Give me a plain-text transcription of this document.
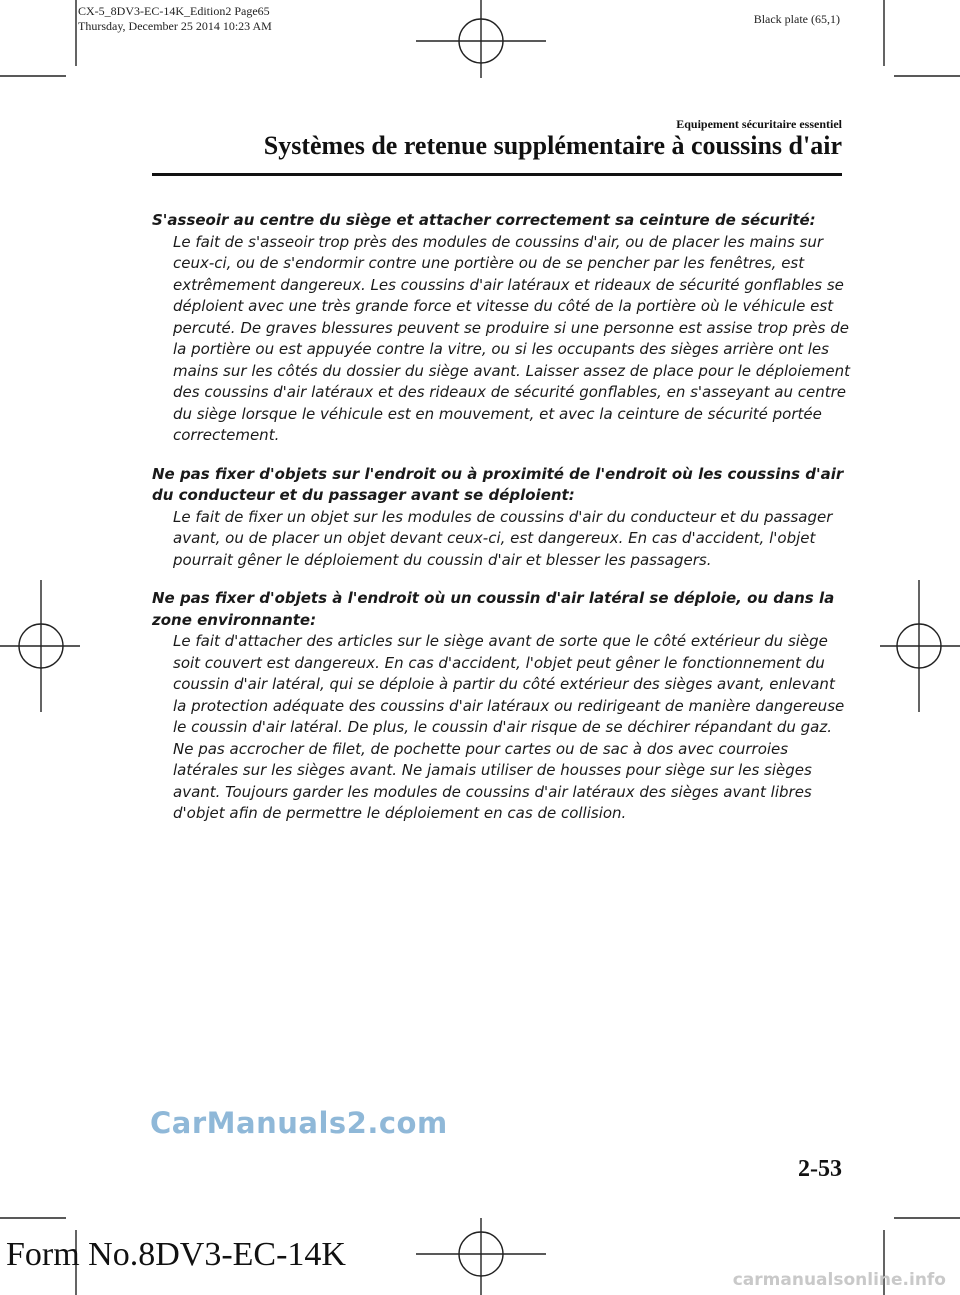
CX-5_8DV3-EC-14K_Edition2 Page65
Thursday, December 25 2014 10:23 AM	Black plate (65,1)
Equipement sécuritaire essentiel
Systèmes de retenue supplémentaire à coussins d'air

S'asseoir au centre du siège et attacher correctement sa ceinture de sécurité:

Le fait de s'asseoir trop près des modules de coussins d'air, ou de placer les mains sur ceux-ci, ou de s'endormir contre une portière ou de se pencher par les fenêtres, est extrêmement dangereux. Les coussins d'air latéraux et rideaux de sécurité gonflables se déploient avec une très grande force et vitesse du côté de la portière où le véhicule est percuté. De graves blessures peuvent se produire si une personne est assise trop près de la portière ou est appuyée contre la vitre, ou si les occupants des sièges arrière ont les mains sur les côtés du dossier du siège avant. Laisser assez de place pour le déploiement des coussins d'air latéraux et des rideaux de sécurité gonflables, en s'asseyant au centre du siège lorsque le véhicule est en mouvement, et avec la ceinture de sécurité portée correctement.

Ne pas fixer d'objets sur l'endroit ou à proximité de l'endroit où les coussins d'air du conducteur et du passager avant se déploient:

Le fait de fixer un objet sur les modules de coussins d'air du conducteur et du passager avant, ou de placer un objet devant ceux-ci, est dangereux. En cas d'accident, l'objet pourrait gêner le déploiement du coussin d'air et blesser les passagers.

Ne pas fixer d'objets à l'endroit où un coussin d'air latéral se déploie, ou dans la zone environnante:

Le fait d'attacher des articles sur le siège avant de sorte que le côté extérieur du siège soit couvert est dangereux. En cas d'accident, l'objet peut gêner le fonctionnement du coussin d'air latéral, qui se déploie à partir du côté extérieur des sièges avant, enlevant la protection adéquate des coussins d'air latéraux ou redirigeant de manière dangereuse le coussin d'air latéral. De plus, le coussin d'air risque de se déchirer répandant du gaz.

Ne pas accrocher de filet, de pochette pour cartes ou de sac à dos avec courroies latérales sur les sièges avant. Ne jamais utiliser de housses pour siège sur les sièges avant. Toujours garder les modules de coussins d'air latéraux des sièges avant libres d'objet afin de permettre le déploiement en cas de collision.

CarManuals2.com
2-53
Form No.8DV3-EC-14K
carmanualsonline.info
